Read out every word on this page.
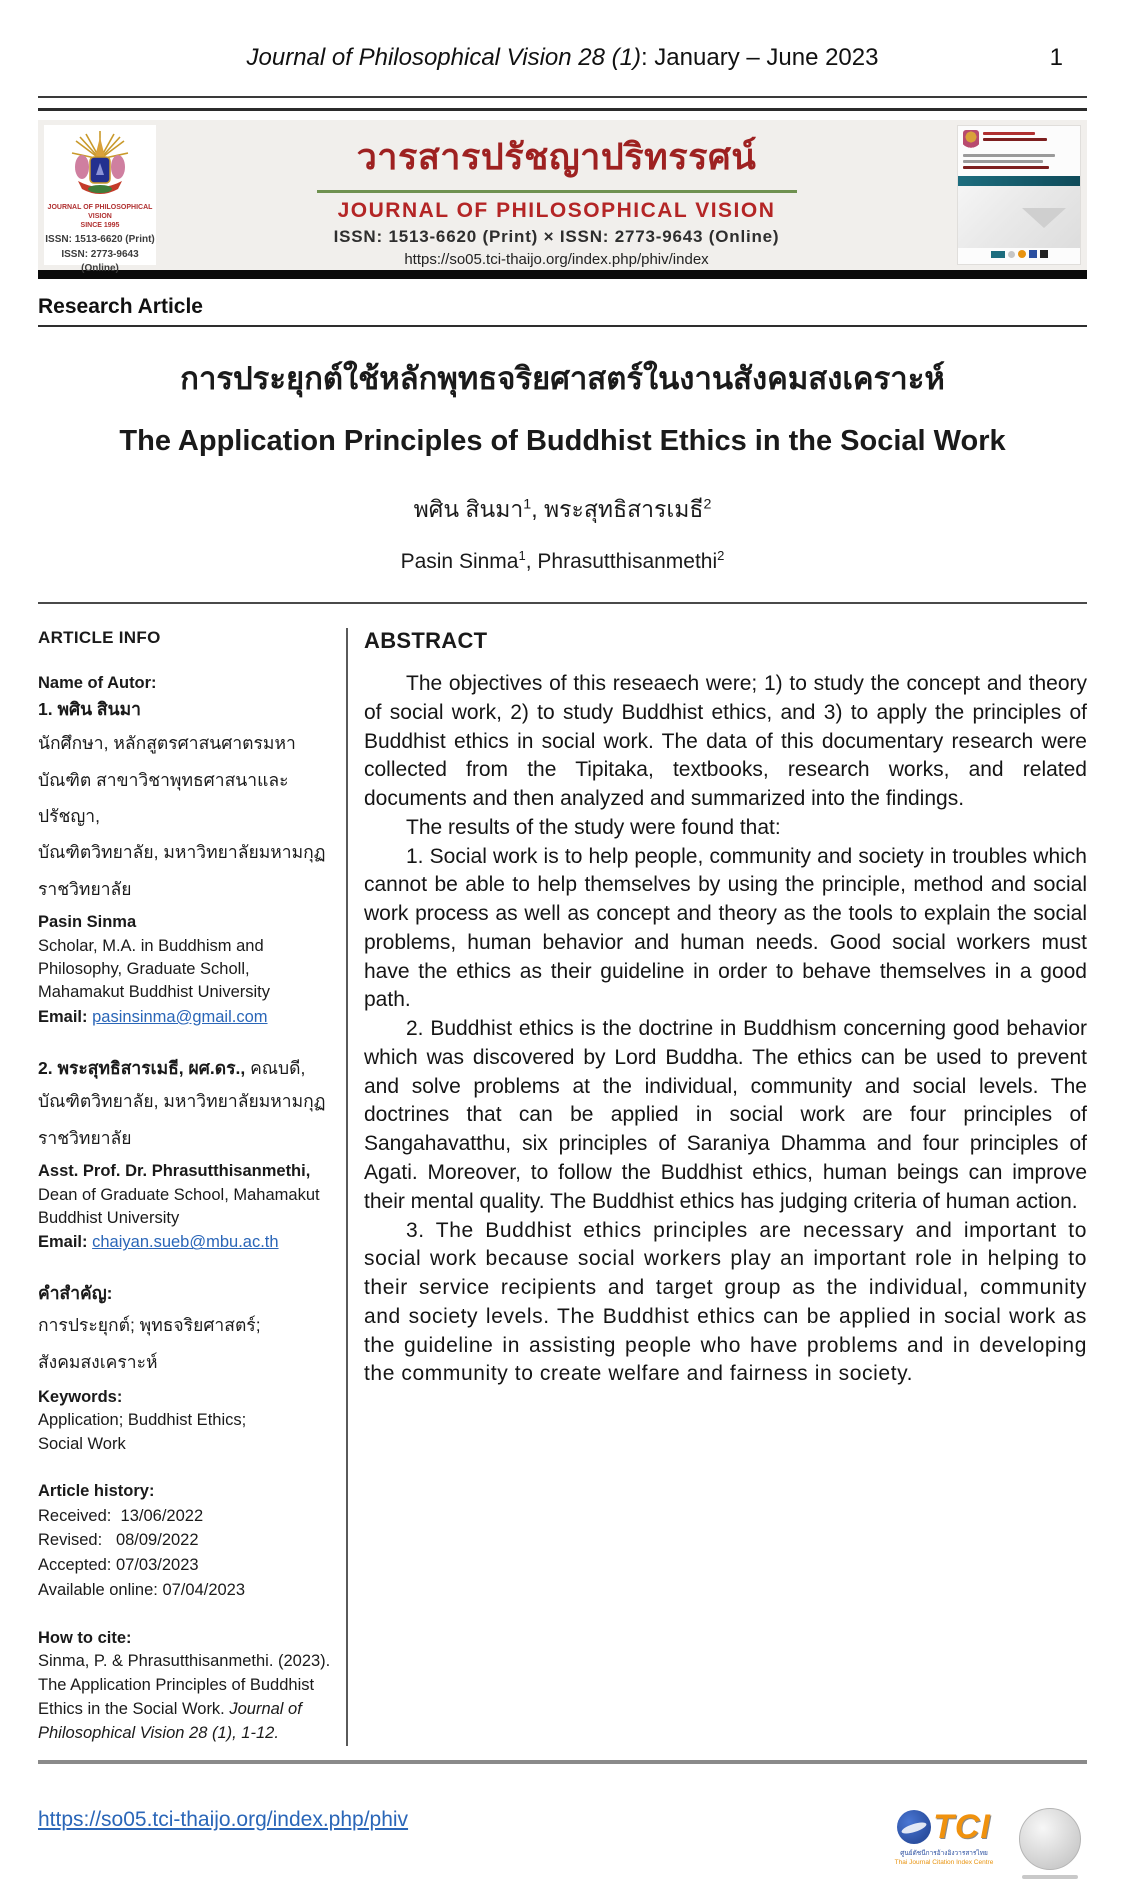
Journal of Philosophical Vision 28 (1): January – June 2023	1
JOURNAL OF PHILOSOPHICAL VISION
SINCE 1995
ISSN: 1513-6620 (Print)
ISSN: 2773-9643 (Online)
วารสารปรัชญาปริทรรศน์
JOURNAL OF PHILOSOPHICAL VISION
ISSN: 1513-6620 (Print) × ISSN: 2773-9643 (Online)
https://so05.tci-thaijo.org/index.php/phiv/index
Research Article
การประยุกต์ใช้หลักพุทธจริยศาสตร์ในงานสังคมสงเคราะห์
The Application Principles of Buddhist Ethics in the Social Work
พศิน สินมา$^1$, พระสุทธิสารเมธี$^2$
Pasin Sinma$^1$, Phrasutthisanmethi$^2$
ARTICLE INFO
Name of Autor:
1. พศิน สินมา
นักศึกษา, หลักสูตรศาสนศาตรมหา
บัณฑิต สาขาวิชาพุทธศาสนาและปรัชญา,
บัณฑิตวิทยาลัย, มหาวิทยาลัยมหามกุฏ
ราชวิทยาลัย
Pasin Sinma
Scholar, M.A. in Buddhism and
Philosophy, Graduate Scholl,
Mahamakut Buddhist University
Email: pasinsinma@gmail.com
2. พระสุทธิสารเมธี, ผศ.ดร., คณบดี,
บัณฑิตวิทยาลัย, มหาวิทยาลัยมหามกุฏ
ราชวิทยาลัย
Asst. Prof. Dr. Phrasutthisanmethi,
Dean of Graduate School, Mahamakut
Buddhist University
Email: chaiyan.sueb@mbu.ac.th
คำสำคัญ:
การประยุกต์; พุทธจริยศาสตร์;
สังคมสงเคราะห์
Keywords:
Application; Buddhist Ethics;
Social Work
Article history:
Received:  13/06/2022
Revised:   08/09/2022
Accepted: 07/03/2023
Available online: 07/04/2023
How to cite:
Sinma, P. & Phrasutthisanmethi. (2023). The Application Principles of Buddhist Ethics in the Social Work. Journal of Philosophical Vision 28 (1), 1-12.
ABSTRACT

The objectives of this reseaech were; 1) to study the concept and theory of social work, 2) to study Buddhist ethics, and 3) to apply the principles of Buddhist ethics in social work. The data of this documentary research were collected from the Tipitaka, textbooks, research works, and related documents and then analyzed and summarized into the findings.

The results of the study were found that:

1. Social work is to help people, community and society in troubles which cannot be able to help themselves by using the principle, method and social work process as well as concept and theory as the tools to explain the social problems, human behavior and human needs. Good social workers must have the ethics as their guideline in order to behave themselves in a good path.

2. Buddhist ethics is the doctrine in Buddhism concerning good behavior which was discovered by Lord Buddha. The ethics can be used to prevent and solve problems at the individual, community and social levels. The doctrines that can be applied in social work are four principles of Sangahavatthu, six principles of Saraniya Dhamma and four principles of Agati. Moreover, to follow the Buddhist ethics, human beings can improve their mental quality. The Buddhist ethics has judging criteria of human action.

3. The Buddhist ethics principles are necessary and important to social work because social workers play an important role in helping to their service recipients and target group as the individual, community and society levels. The Buddhist ethics can be applied in social work as the guideline in assisting people who have problems and in developing the community to create welfare and fairness in society.

https://so05.tci-thaijo.org/index.php/phiv	TCI
ศูนย์ดัชนีการอ้างอิงวารสารไทย
Thai Journal Citation Index Centre
